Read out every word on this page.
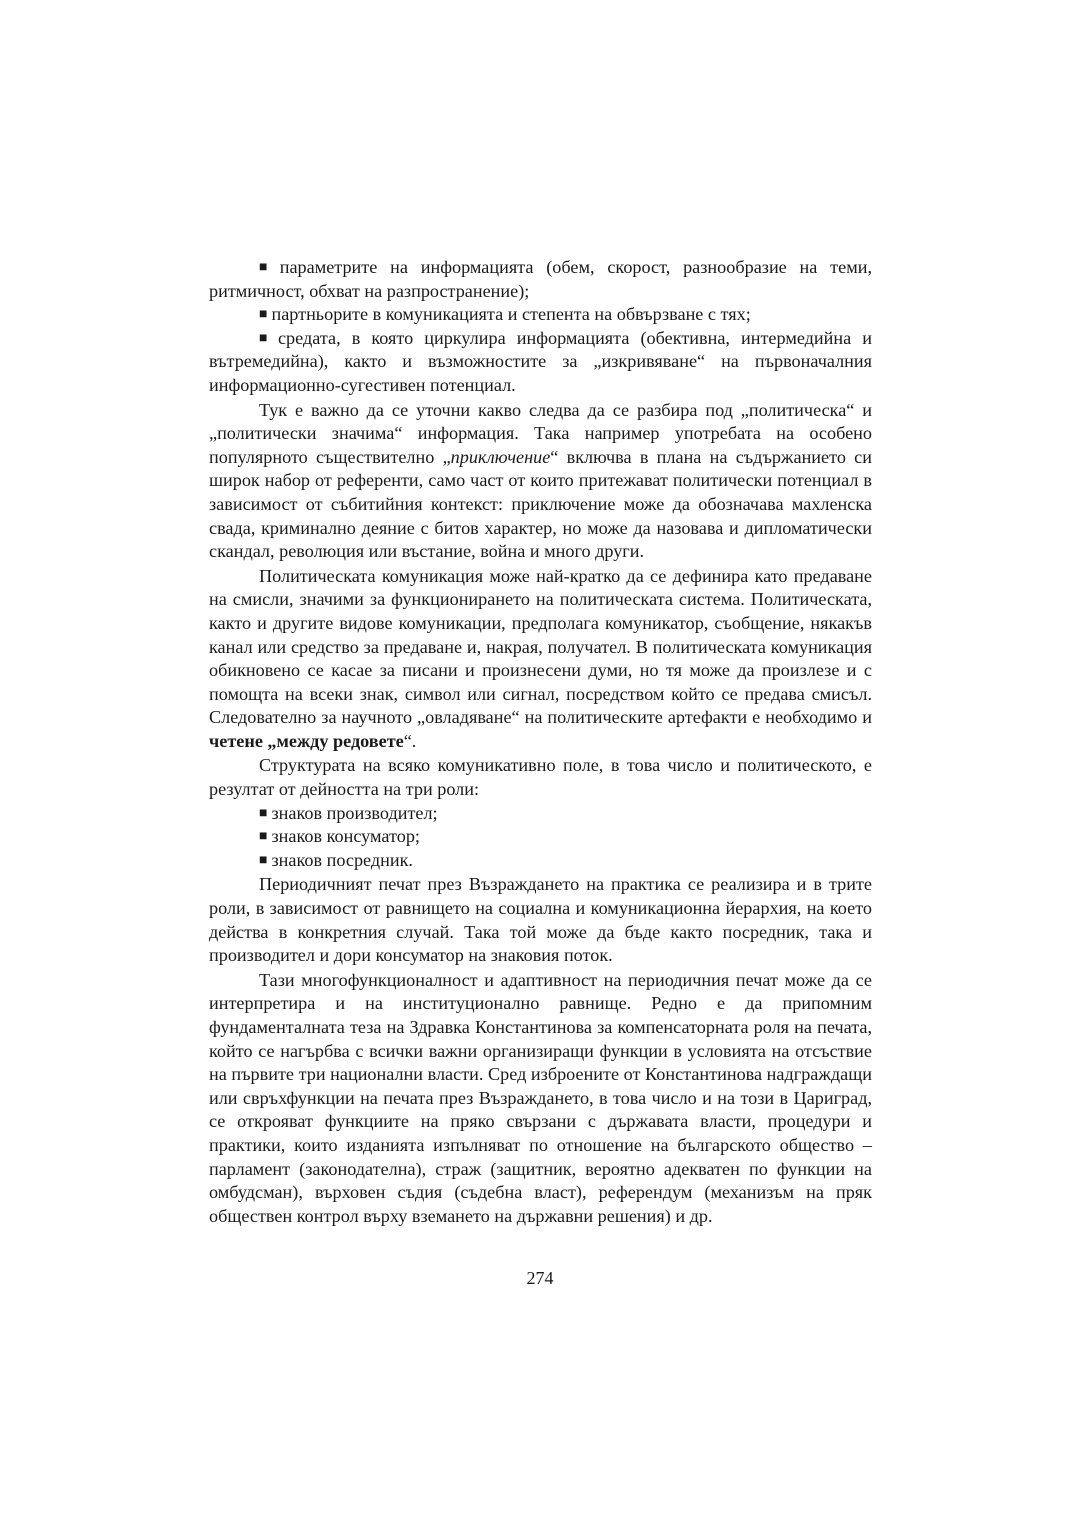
■ параметрите на информацията (обем, скорост, разнообразие на теми, ритмичност, обхват на разпространение);

■ партньорите в комуникацията и степента на обвързване с тях;

■ средата, в която циркулира информацията (обективна, интермедийна и вътремедийна), както и възможностите за „изкривяване“ на първоначалния информационно-сугестивен потенциал.

Тук е важно да се уточни какво следва да се разбира под „политическа“ и „политически значима“ информация. Така например употребата на особено популярното съществително „приключение“ включва в плана на съдържанието си широк набор от референти, само част от които притежават политически потенциал в зависимост от събитийния контекст: приключение може да обозначава махленска свада, криминално деяние с битов характер, но може да назовава и дипломатически скандал, революция или въстание, война и много други.

Политическата комуникация може най-кратко да се дефинира като предаване на смисли, значими за функционирането на политическата система. Политическата, както и другите видове комуникации, предполага комуникатор, съобщение, някакъв канал или средство за предаване и, накрая, получател. В политическата комуникация обикновено се касае за писани и произнесени думи, но тя може да произлезе и с помощта на всеки знак, символ или сигнал, посредством който се предава смисъл. Следователно за научното „овладяване“ на политическите артефакти е необходимо и четене „между редовете“.

Структурата на всяко комуникативно поле, в това число и политическото, е резултат от дейността на три роли:

■ знаков производител;

■ знаков консуматор;

■ знаков посредник.

Периодичният печат през Възраждането на практика се реализира и в трите роли, в зависимост от равнището на социална и комуникационна йерархия, на което действа в конкретния случай. Така той може да бъде както посредник, така и производител и дори консуматор на знаковия поток.

Тази многофункционалност и адаптивност на периодичния печат може да се интерпретира и на институционално равнище. Редно е да припомним фундаменталната теза на Здравка Константинова за компенсаторната роля на печата, който се нагърбва с всички важни организиращи функции в условията на отсъствие на първите три национални власти. Сред изброените от Константинова надграждащи или свръхфункции на печата през Възраждането, в това число и на този в Цариград, се открояват функциите на пряко свързани с държавата власти, процедури и практики, които изданията изпълняват по отношение на българското общество – парламент (законодателна), страж (защитник, вероятно адекватен по функции на омбудсман), върховен съдия (съдебна власт), референдум (механизъм на пряк обществен контрол върху вземането на държавни решения) и др.

274
